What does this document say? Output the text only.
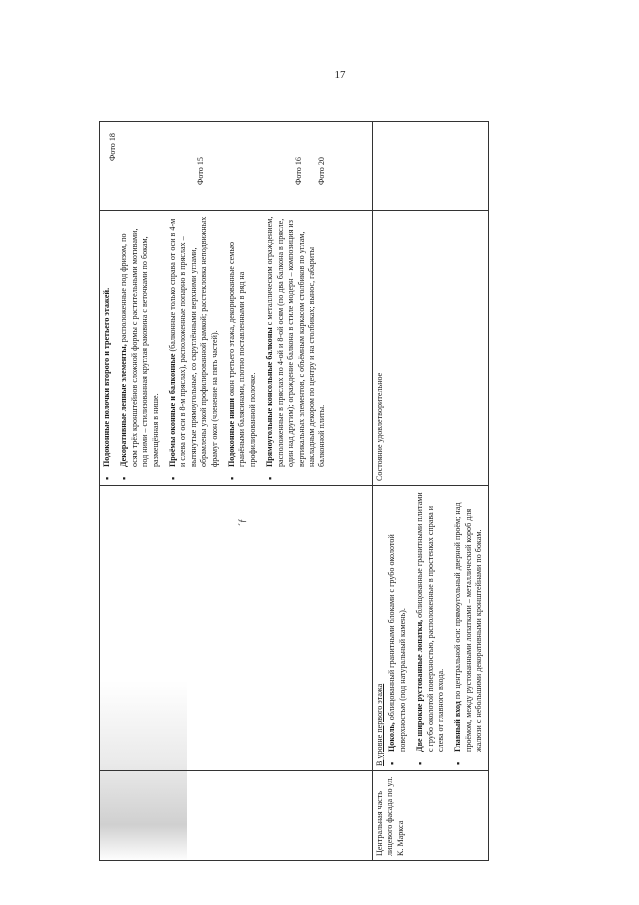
17
´ƒ
▪ Подоконные полочки второго и третьего этажей. ▪ Декоративные лепные элементы, расположенные под фризом, по осям трёх кронштейнов сложной формы с растительными мотивами, под ними – стилизованная круглая раковина с веточками по бокам, размещённая в нише. ▪ Проёмы оконные и балконные (балконные только справа от оси в 4-м и слева от оси в 8-м пряслах), расположенные попарно в пряслах – вытянутые прямоугольные, со скруглёнными верхними углами, обрамлены узкой профилированной рамкой; расстекловка неподвижных фрамуг окон (членение на пять частей). ▪ Подоконные ниши окон третьего этажа, декорированные семью гранёными балясинами, плотно поставленными в ряд на профилированной полочке. ▪ Прямоугольные консольные балконы с металлическим ограждением, расположенные в пряслах по 4-ой и 8-ой осям (по два балкона в прясле, один над другим); ограждение балкона в стиле модерн – композиция из вертикальных элементов, с объёмным каркасом столбиков по углам, накладным декором по центру и на столбиках; вынос, габариты балконной плиты.
Фото 18
Фото 15	Фото 16 Фото 20
Центральная часть лицевого фасада по ул. К. Маркса
В уровне первого этажа ▪ Цоколь, облицованный гранитными блоками с грубо околотой поверхностью (под натуральный камень). ▪ Две широкие рустованные лопатки, облицованные гранитными плитами с грубо околотой поверхностью, расположенные в простенках справа и слева от главного входа. ▪ Главный вход по центральной оси: прямоугольный дверной проём; над проёмом, между рустованными лопатками – металлический короб для жалюзи с небольшими декоративными кронштейнами по бокам.
Состояние удовлетворительное
